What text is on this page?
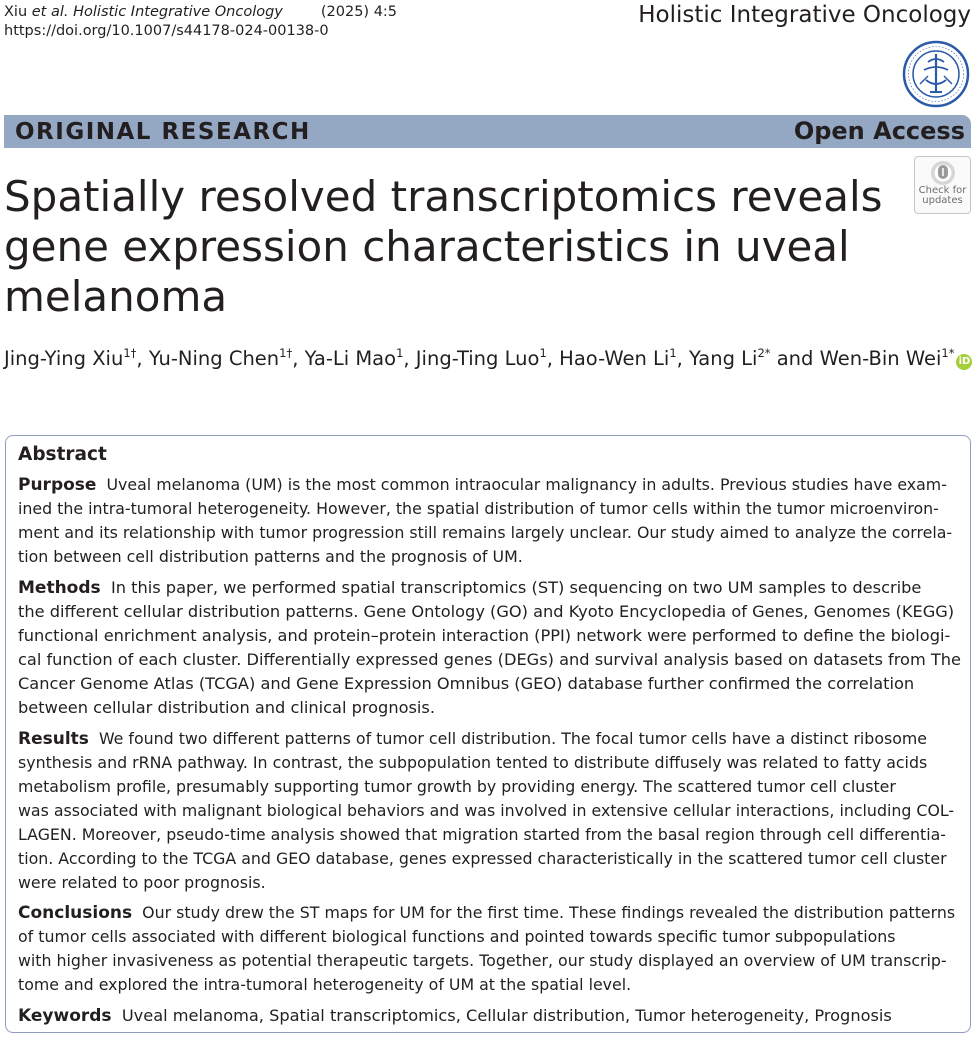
Xiu et al. Holistic Integrative Oncology	(2025) 4:5
https://doi.org/10.1007/s44178-024-00138-0
Holistic Integrative Oncology
ORIGINAL RESEARCH	Open Access
Check for
updates
Spatially resolved transcriptomics reveals
gene expression characteristics in uveal
melanoma
Jing-Ying Xiu$^{1\dagger}$, Yu-Ning Chen$^{1\dagger}$, Ya-Li Mao$^1$, Jing-Ting Luo$^1$, Hao-Wen Li$^1$, Yang $Li^{2*}$ and Wen-Bin Wei$^{1*}$iD
Abstract
Purpose  Uveal melanoma (UM) is the most common intraocular malignancy in adults. Previous studies have exam-
ined the intra-tumoral heterogeneity. However, the spatial distribution of tumor cells within the tumor microenviron-
ment and its relationship with tumor progression still remains largely unclear. Our study aimed to analyze the correla-
tion between cell distribution patterns and the prognosis of UM.
Methods  In this paper, we performed spatial transcriptomics (ST) sequencing on two UM samples to describe
the different cellular distribution patterns. Gene Ontology (GO) and Kyoto Encyclopedia of Genes, Genomes (KEGG)
functional enrichment analysis, and protein–protein interaction (PPI) network were performed to define the biologi-
cal function of each cluster. Differentially expressed genes (DEGs) and survival analysis based on datasets from The
Cancer Genome Atlas (TCGA) and Gene Expression Omnibus (GEO) database further confirmed the correlation
between cellular distribution and clinical prognosis.
Results  We found two different patterns of tumor cell distribution. The focal tumor cells have a distinct ribosome
synthesis and rRNA pathway. In contrast, the subpopulation tented to distribute diffusely was related to fatty acids
metabolism profile, presumably supporting tumor growth by providing energy. The scattered tumor cell cluster
was associated with malignant biological behaviors and was involved in extensive cellular interactions, including COL-
LAGEN. Moreover, pseudo-time analysis showed that migration started from the basal region through cell differentia-
tion. According to the TCGA and GEO database, genes expressed characteristically in the scattered tumor cell cluster
were related to poor prognosis.
Conclusions  Our study drew the ST maps for UM for the first time. These findings revealed the distribution patterns
of tumor cells associated with different biological functions and pointed towards specific tumor subpopulations
with higher invasiveness as potential therapeutic targets. Together, our study displayed an overview of UM transcrip-
tome and explored the intra-tumoral heterogeneity of UM at the spatial level.
Keywords  Uveal melanoma, Spatial transcriptomics, Cellular distribution, Tumor heterogeneity, Prognosis
